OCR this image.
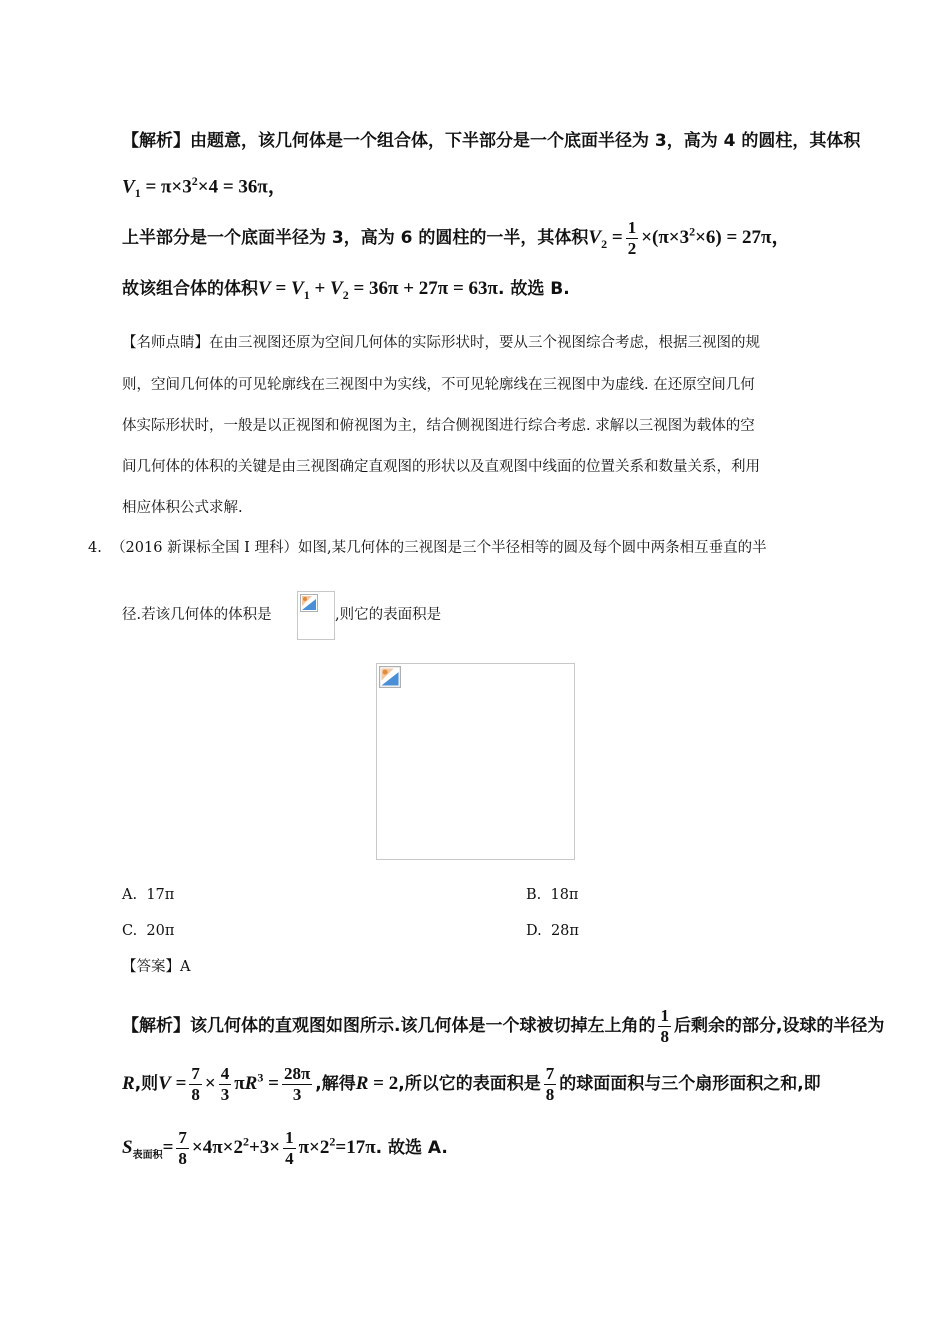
【解析】由题意，该几何体是一个组合体，下半部分是一个底面半径为 3，高为 4 的圆柱，其体积
$V_1 = \pi\times 3^2\times 4 = 36\pi$，
上半部分是一个底面半径为 3，高为 6 的圆柱的一半，其体积$V_2 = \frac{1}{2} \times(\pi\times 3^2\times 6) = 27\pi$，
故该组合体的体积$V = V_1 + V_2 = 36\pi + 27\pi = 63\pi$. 故选 B.
【名师点睛】在由三视图还原为空间几何体的实际形状时，要从三个视图综合考虑，根据三视图的规
则，空间几何体的可见轮廓线在三视图中为实线，不可见轮廓线在三视图中为虚线. 在还原空间几何
体实际形状时，一般是以正视图和俯视图为主，结合侧视图进行综合考虑. 求解以三视图为载体的空
间几何体的体积的关键是由三视图确定直观图的形状以及直观图中线面的位置关系和数量关系，利用
相应体积公式求解.
4. （2016 新课标全国 I 理科）如图,某几何体的三视图是三个半径相等的圆及每个圆中两条相互垂直的半
径.若该几何体的体积是	,则它的表面积是
A. 17π	B. 18π
C. 20π	D. 28π
【答案】A
【解析】该几何体的直观图如图所示.该几何体是一个球被切掉左上角的 $\frac{1}{8}$ 后剩余的部分,设球的半径为
R,则$V = \frac{7}{8} \times \frac{4}{3} \pi R^3 = \frac{28\pi}{3}$ ,解得R = 2,所以它的表面积是 $\frac{7}{8}$ 的球面面积与三个扇形面积之和,即
$S_{表面积}= \frac{7}{8} \times 4\pi\times 2^2+3\times \frac{1}{4} \pi\times 2^2=17\pi$. 故选 A.
